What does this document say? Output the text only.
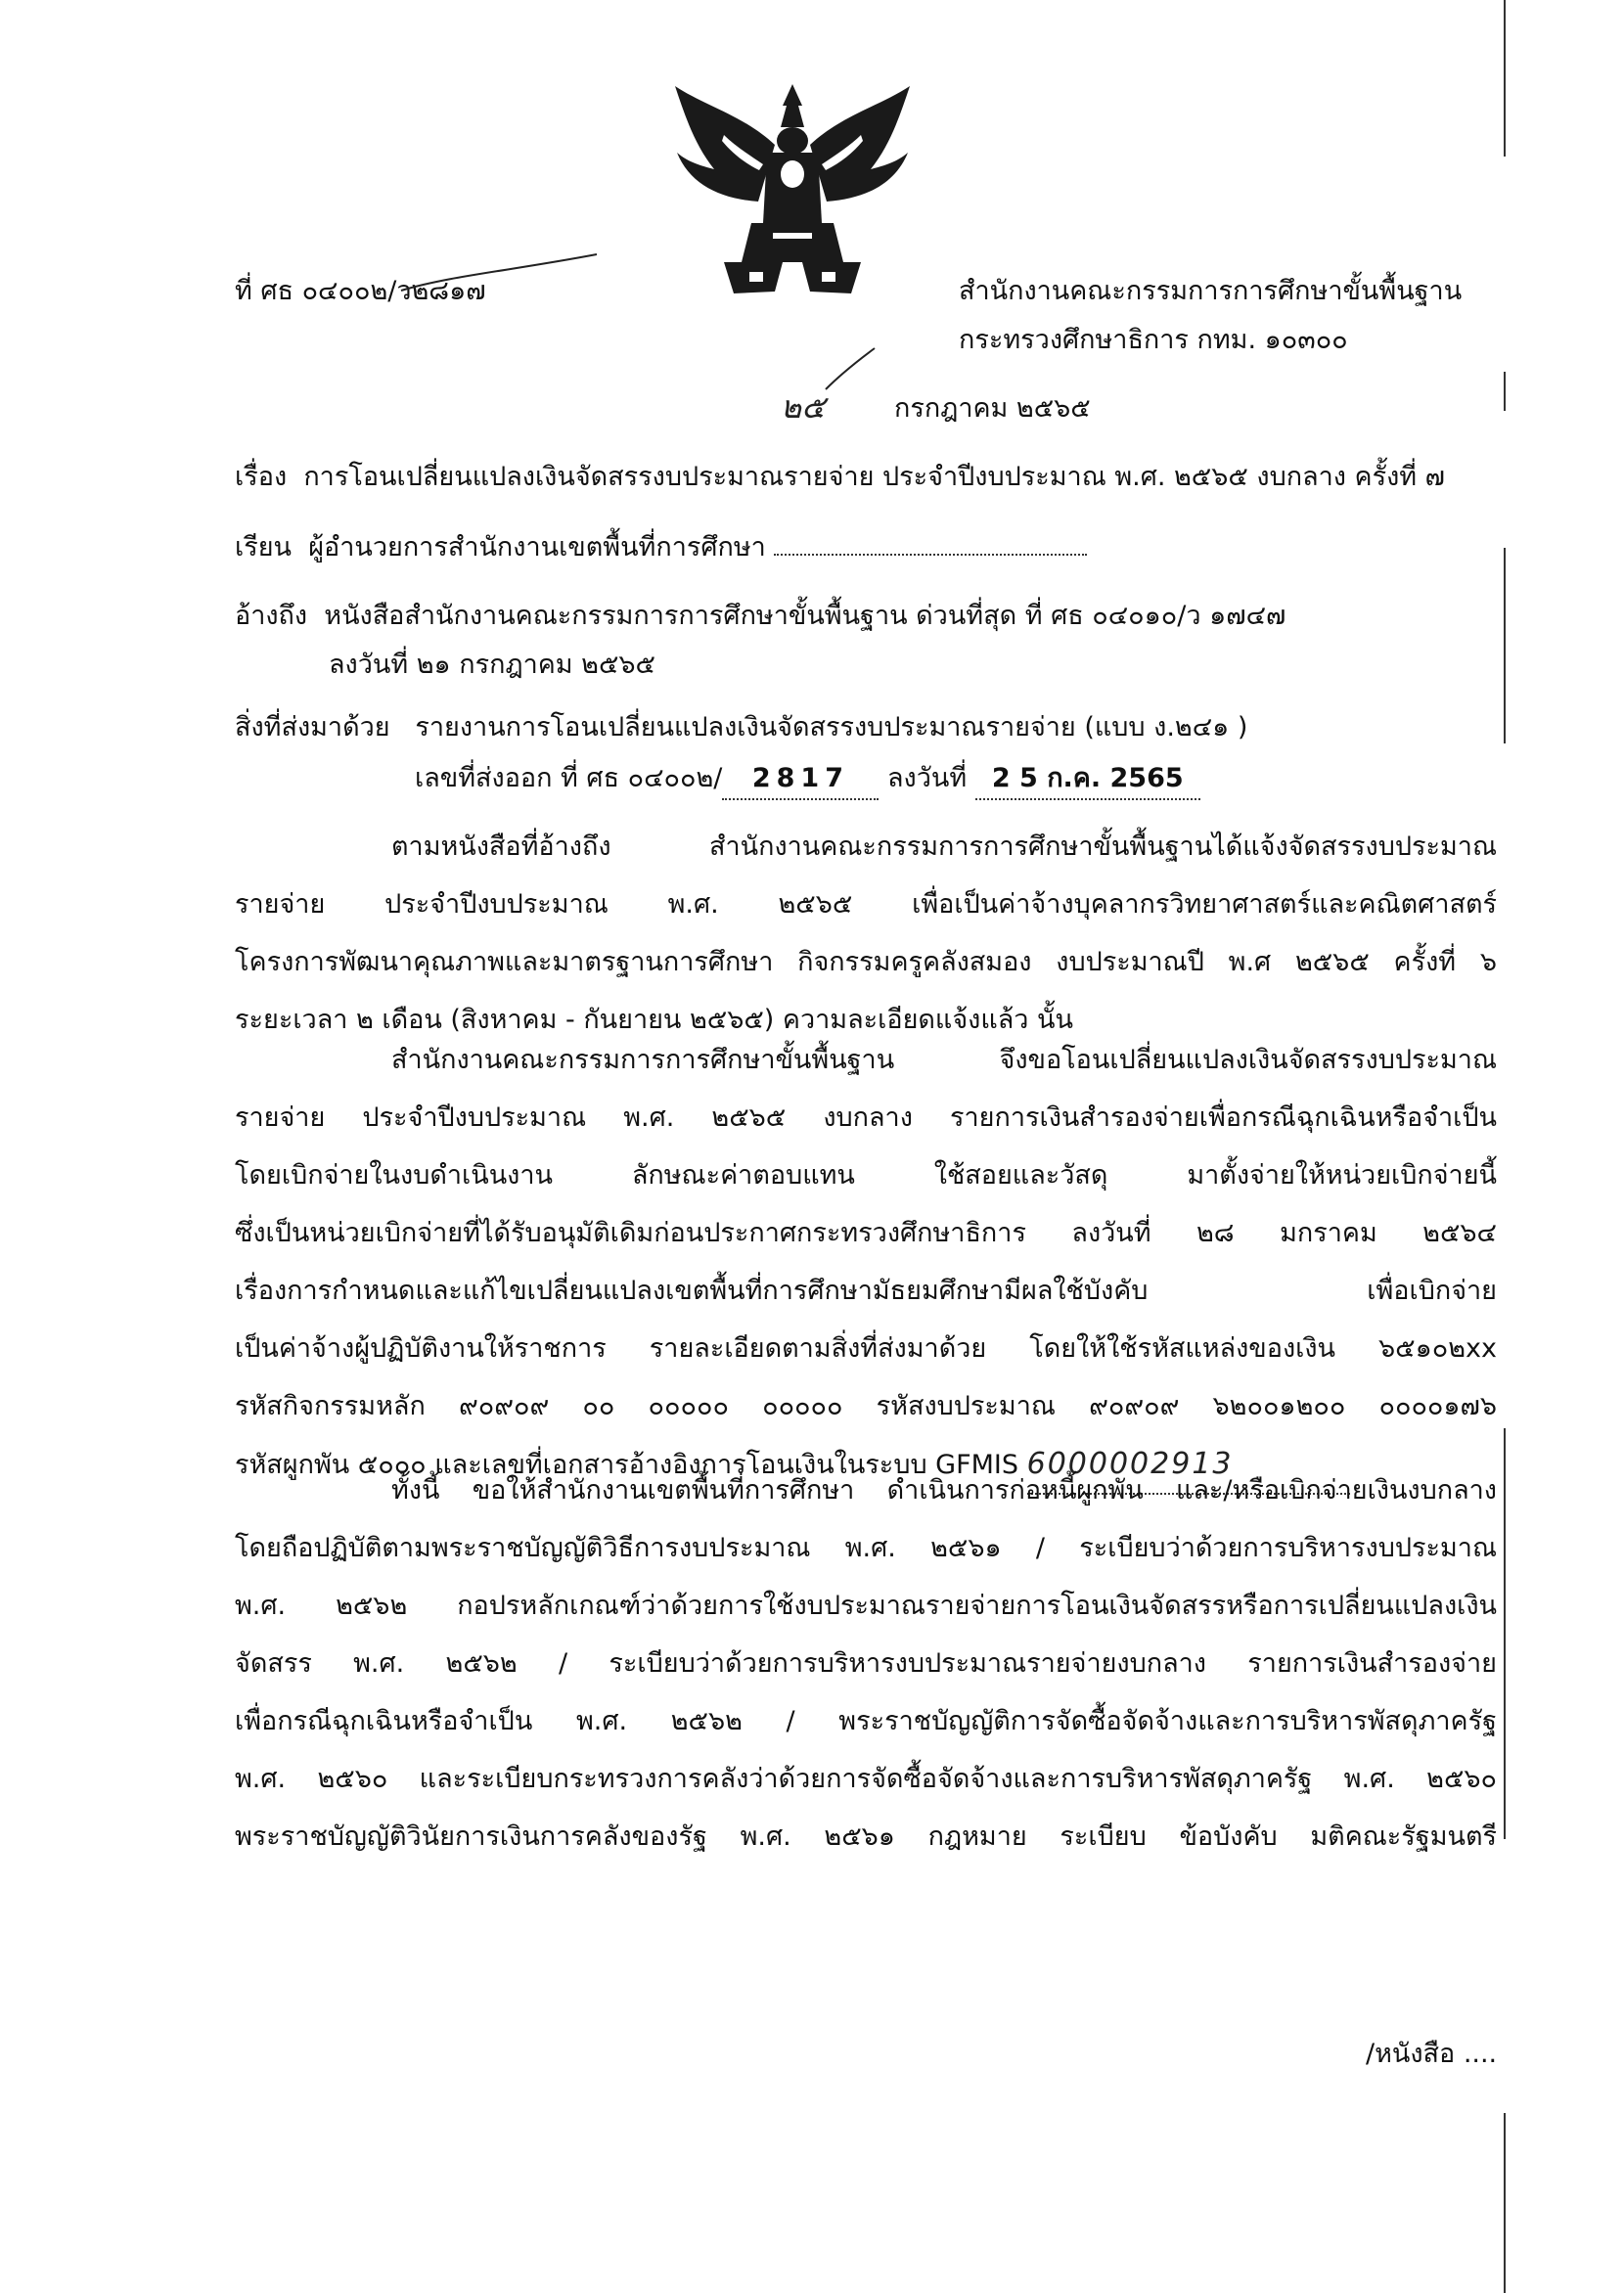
ที่ ศธ ๐๔๐๐๒/ว๒๘๑๗	สำนักงานคณะกรรมการการศึกษาขั้นพื้นฐาน
กระทรวงศึกษาธิการ กทม. ๑๐๓๐๐
๒๕	กรกฎาคม ๒๕๖๕
เรื่อง การโอนเปลี่ยนแปลงเงินจัดสรรงบประมาณรายจ่าย ประจำปีงบประมาณ พ.ศ. ๒๕๖๕ งบกลาง ครั้งที่ ๗
เรียน ผู้อำนวยการสำนักงานเขตพื้นที่การศึกษา
อ้างถึง หนังสือสำนักงานคณะกรรมการการศึกษาขั้นพื้นฐาน ด่วนที่สุด ที่ ศธ ๐๔๐๑๐/ว ๑๗๔๗
ลงวันที่ ๒๑ กรกฎาคม ๒๕๖๕
สิ่งที่ส่งมาด้วย รายงานการโอนเปลี่ยนแปลงเงินจัดสรรงบประมาณรายจ่าย (แบบ ง.๒๔๑ )
เลขที่ส่งออก ที่ ศธ ๐๔๐๐๒/ 2817 ลงวันที่ 2 5 ก.ค. 2565

ตามหนังสือที่อ้างถึง สำนักงานคณะกรรมการการศึกษาขั้นพื้นฐานได้แจ้งจัดสรรงบประมาณ

รายจ่าย ประจำปีงบประมาณ พ.ศ. ๒๕๖๕ เพื่อเป็นค่าจ้างบุคลากรวิทยาศาสตร์และคณิตศาสตร์

โครงการพัฒนาคุณภาพและมาตรฐานการศึกษา กิจกรรมครูคลังสมอง งบประมาณปี พ.ศ ๒๕๖๕ ครั้งที่ ๖

ระยะเวลา ๒ เดือน (สิงหาคม - กันยายน ๒๕๖๕) ความละเอียดแจ้งแล้ว นั้น

สำนักงานคณะกรรมการการศึกษาขั้นพื้นฐาน จึงขอโอนเปลี่ยนแปลงเงินจัดสรรงบประมาณ

รายจ่าย ประจำปีงบประมาณ พ.ศ. ๒๕๖๕ งบกลาง รายการเงินสำรองจ่ายเพื่อกรณีฉุกเฉินหรือจำเป็น

โดยเบิกจ่ายในงบดำเนินงาน ลักษณะค่าตอบแทน ใช้สอยและวัสดุ มาตั้งจ่ายให้หน่วยเบิกจ่ายนี้

ซึ่งเป็นหน่วยเบิกจ่ายที่ได้รับอนุมัติเดิมก่อนประกาศกระทรวงศึกษาธิการ ลงวันที่ ๒๘ มกราคม ๒๕๖๔

เรื่องการกำหนดและแก้ไขเปลี่ยนแปลงเขตพื้นที่การศึกษามัธยมศึกษามีผลใช้บังคับ เพื่อเบิกจ่าย

เป็นค่าจ้างผู้ปฏิบัติงานให้ราชการ รายละเอียดตามสิ่งที่ส่งมาด้วย โดยให้ใช้รหัสแหล่งของเงิน ๖๕๑๐๒xx

รหัสกิจกรรมหลัก ๙๐๙๐๙ ๐๐ ๐๐๐๐๐ ๐๐๐๐๐ รหัสงบประมาณ ๙๐๙๐๙ ๖๒๐๐๑๒๐๐ ๐๐๐๐๑๗๖

รหัสผูกพัน ๕๐๐๐ และเลขที่เอกสารอ้างอิงการโอนเงินในระบบ GFMIS 6000002913

ทั้งนี้ ขอให้สำนักงานเขตพื้นที่การศึกษา ดำเนินการก่อหนี้ผูกพัน และ/หรือเบิกจ่ายเงินงบกลาง

โดยถือปฏิบัติตามพระราชบัญญัติวิธีการงบประมาณ พ.ศ. ๒๕๖๑ / ระเบียบว่าด้วยการบริหารงบประมาณ

พ.ศ. ๒๕๖๒ กอปรหลักเกณฑ์ว่าด้วยการใช้งบประมาณรายจ่ายการโอนเงินจัดสรรหรือการเปลี่ยนแปลงเงิน

จัดสรร พ.ศ. ๒๕๖๒ / ระเบียบว่าด้วยการบริหารงบประมาณรายจ่ายงบกลาง รายการเงินสำรองจ่าย

เพื่อกรณีฉุกเฉินหรือจำเป็น พ.ศ. ๒๕๖๒ / พระราชบัญญัติการจัดซื้อจัดจ้างและการบริหารพัสดุภาครัฐ

พ.ศ. ๒๕๖๐ และระเบียบกระทรวงการคลังว่าด้วยการจัดซื้อจัดจ้างและการบริหารพัสดุภาครัฐ พ.ศ. ๒๕๖๐

พระราชบัญญัติวินัยการเงินการคลังของรัฐ พ.ศ. ๒๕๖๑ กฎหมาย ระเบียบ ข้อบังคับ มติคณะรัฐมนตรี

/หนังสือ ....
